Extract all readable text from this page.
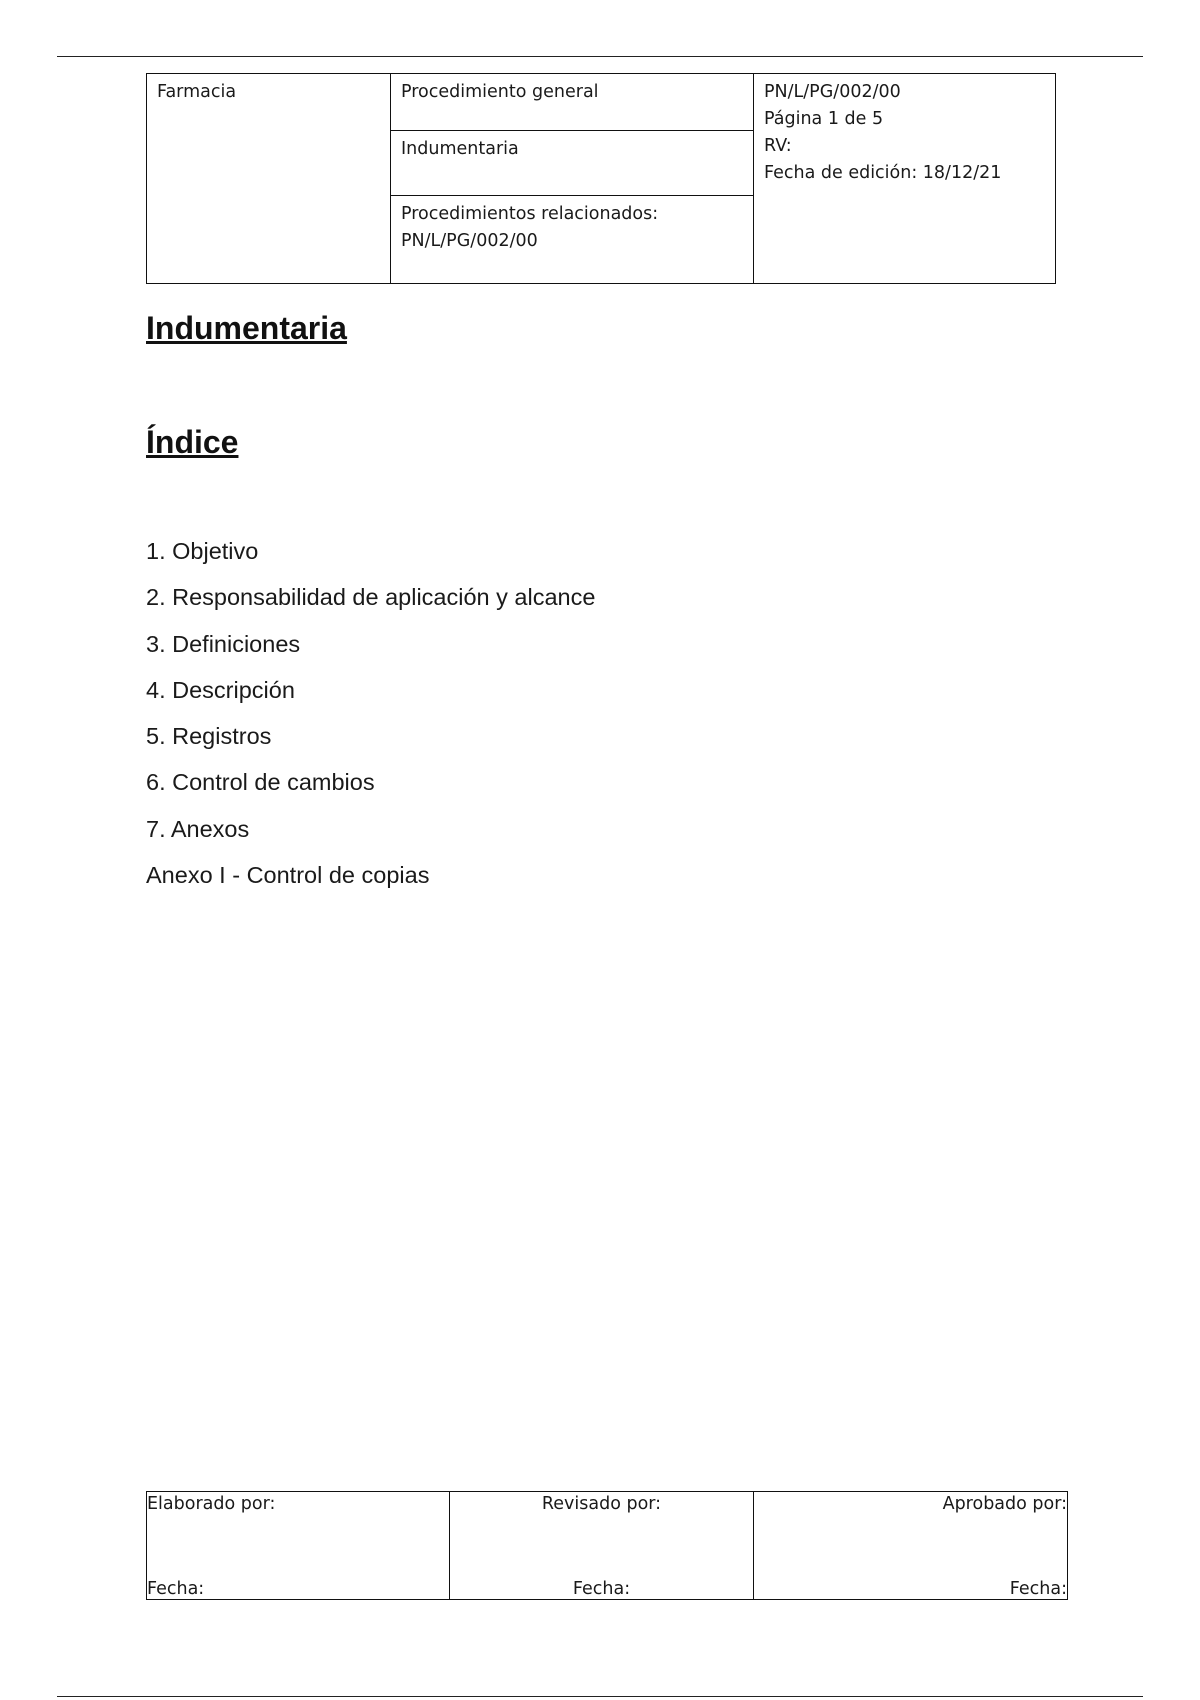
Farmacia	Procedimiento general
Indumentaria
Procedimientos relacionados:
PN/L/PG/002/00
PN/L/PG/002/00
Página 1 de 5
RV:
Fecha de edición: 18/12/21
Indumentaria
Índice
1. Objetivo
2. Responsabilidad de aplicación y alcance
3. Definiciones
4. Descripción
5. Registros
6. Control de cambios
7. Anexos
Anexo I - Control de copias
Elaborado por:
Fecha:
Revisado por:
Fecha:
Aprobado por:
Fecha:
